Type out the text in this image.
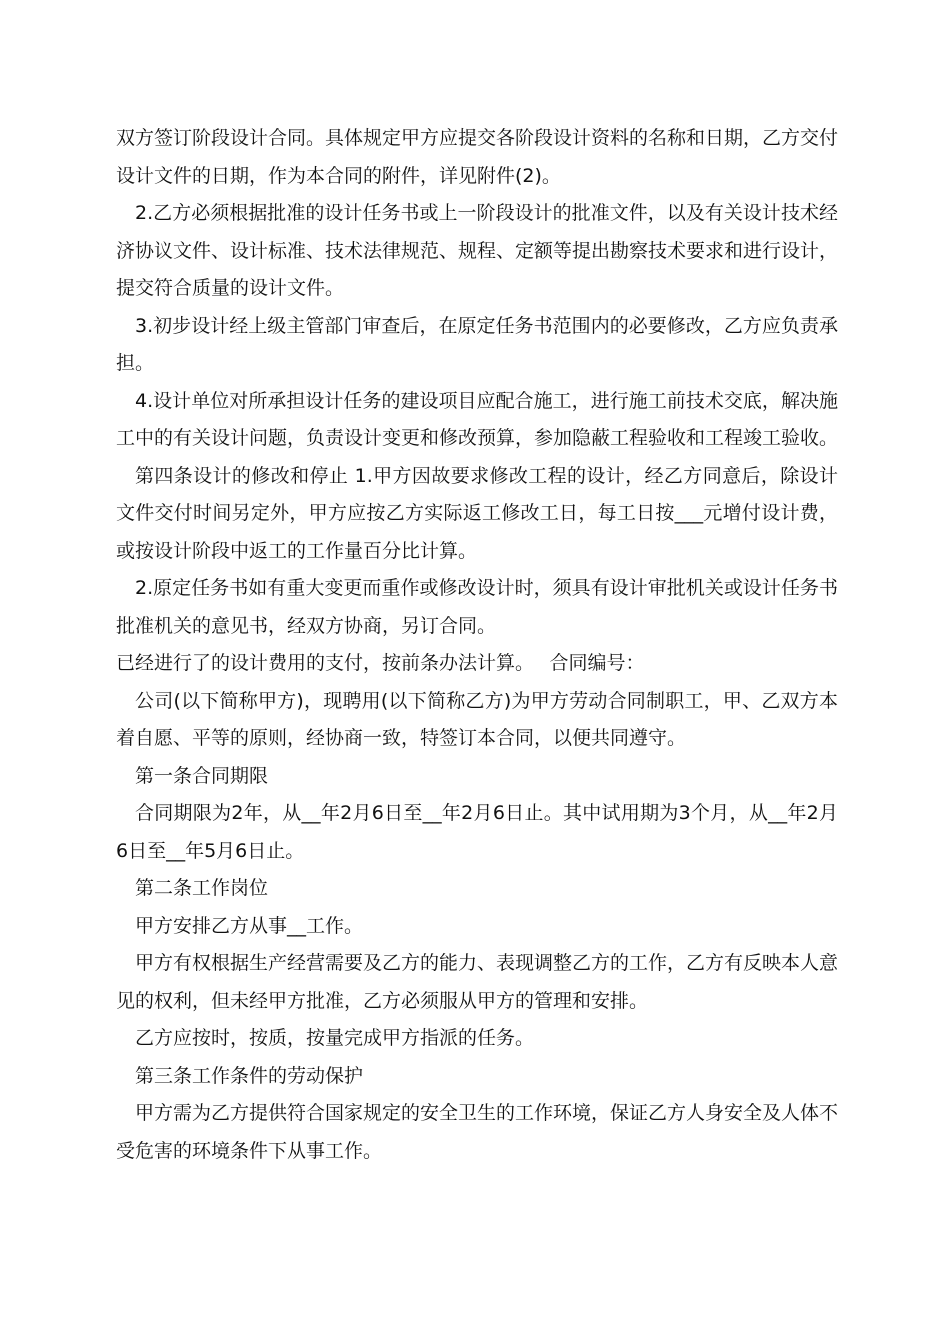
双方签订阶段设计合同。具体规定甲方应提交各阶段设计资料的名称和日期，乙方交付设计文件的日期，作为本合同的附件，详见附件(2)。

2.乙方必须根据批准的设计任务书或上一阶段设计的批准文件，以及有关设计技术经济协议文件、设计标准、技术法律规范、规程、定额等提出勘察技术要求和进行设计，提交符合质量的设计文件。

3.初步设计经上级主管部门审查后，在原定任务书范围内的必要修改，乙方应负责承担。

4.设计单位对所承担设计任务的建设项目应配合施工，进行施工前技术交底，解决施工中的有关设计问题，负责设计变更和修改预算，参加隐蔽工程验收和工程竣工验收。

第四条设计的修改和停止 1.甲方因故要求修改工程的设计，经乙方同意后，除设计文件交付时间另定外，甲方应按乙方实际返工修改工日，每工日按___元增付设计费，或按设计阶段中返工的工作量百分比计算。

2.原定任务书如有重大变更而重作或修改设计时，须具有设计审批机关或设计任务书批准机关的意见书，经双方协商，另订合同。

已经进行了的设计费用的支付，按前条办法计算。　 合同编号：

公司(以下简称甲方)，现聘用(以下简称乙方)为甲方劳动合同制职工，甲、乙双方本着自愿、平等的原则，经协商一致，特签订本合同，以便共同遵守。

第一条合同期限

合同期限为2年，从__年2月6日至__年2月6日止。其中试用期为3个月，从__年2月6日至__年5月6日止。

第二条工作岗位

甲方安排乙方从事__工作。

甲方有权根据生产经营需要及乙方的能力、表现调整乙方的工作，乙方有反映本人意见的权利，但未经甲方批准，乙方必须服从甲方的管理和安排。

乙方应按时，按质，按量完成甲方指派的任务。

第三条工作条件的劳动保护

甲方需为乙方提供符合国家规定的安全卫生的工作环境，保证乙方人身安全及人体不受危害的环境条件下从事工作。
